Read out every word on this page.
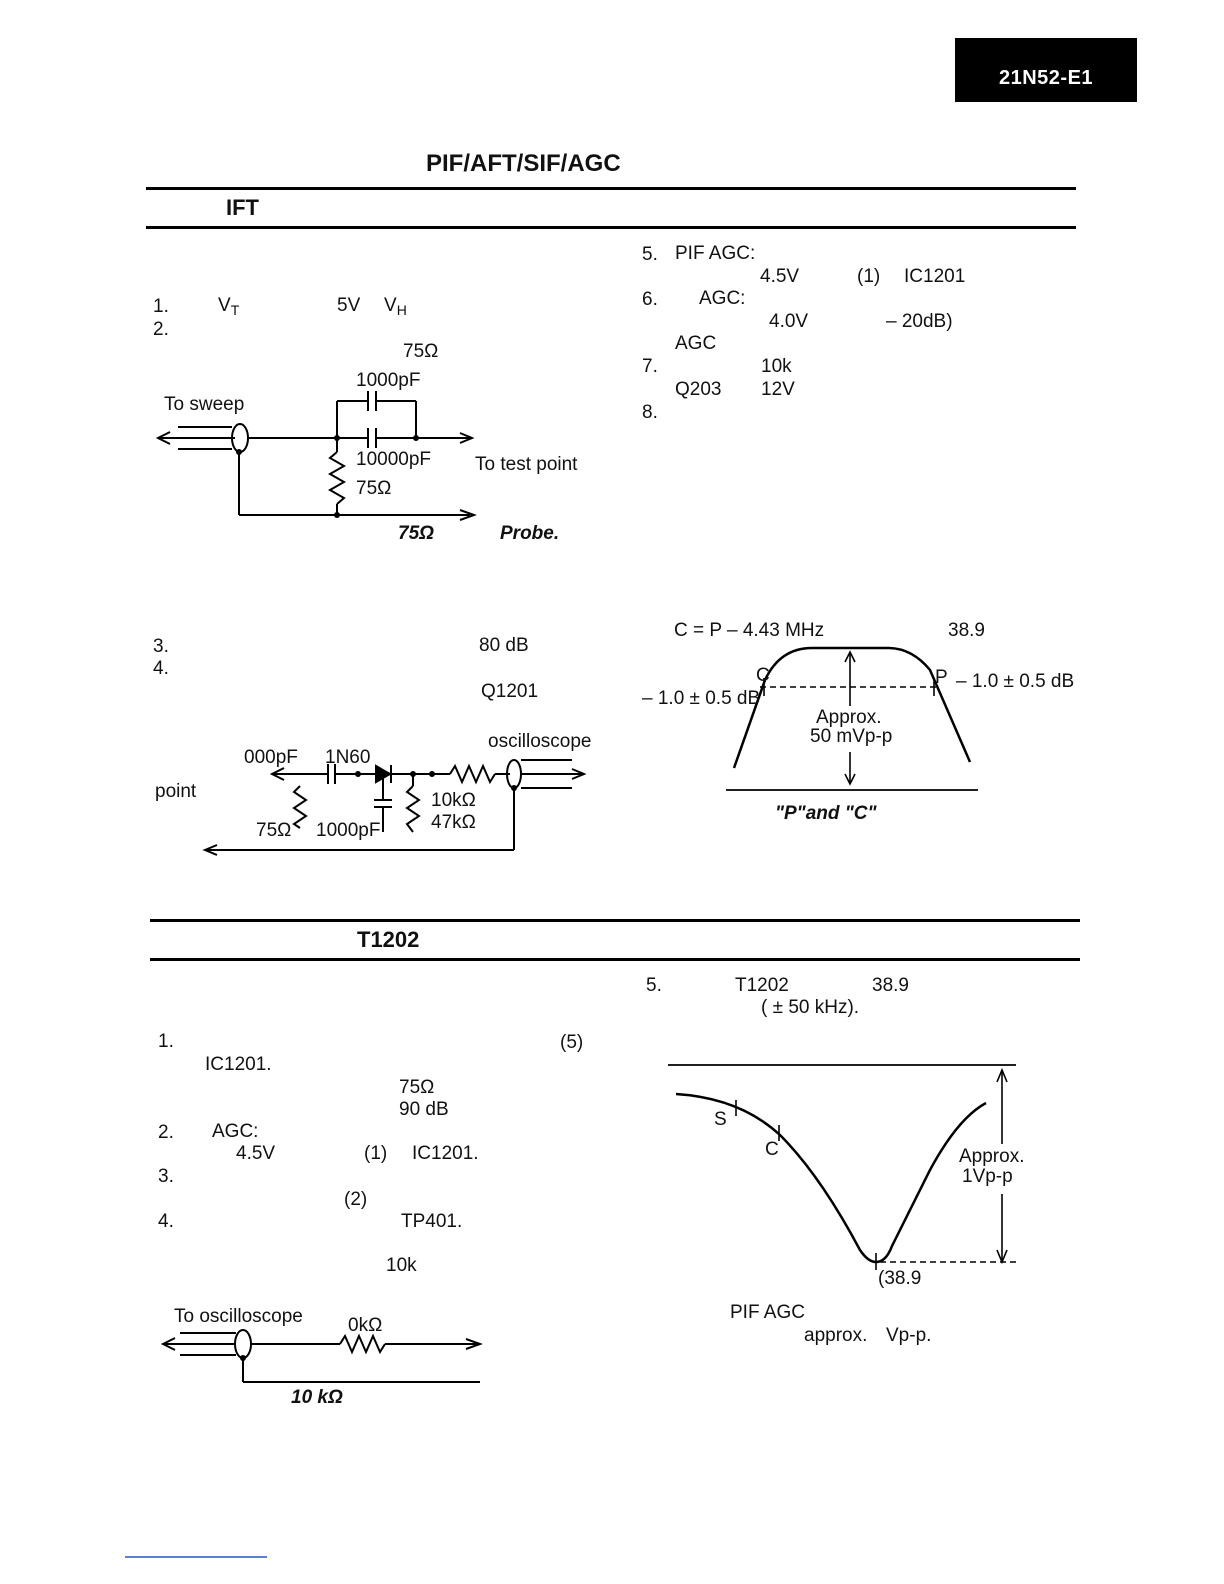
21N52-E1
PIF/AFT/SIF/AGC
IFT
1.	$V_T$	5V $V_H$
2.
75Ω
1000pF
To sweep
10000pF To test point
75Ω
75Ω	Probe.
3.	80 dB
4.
Q1201
oscilloscope
000pF 1N60
point	10kΩ
47kΩ
75Ω 1000pF
5. PIF AGC:
4.5V	(1) IC1201
6. AGC:
4.0V	– 20dB)
AGC
7.	10k
Q203 12V
8.
C = P – 4.43 MHz	38.9
C	P – 1.0 ± 0.5 dB
– 1.0 ± 0.5 dB
Approx.
50 mVp-p
"P"and "C"
T1202
1.	(5)
IC1201.
75Ω
90 dB
2. AGC:
4.5V	(1) IC1201.
3.
(2)
4.	TP401.
10k
To oscilloscope 0kΩ
10 kΩ
5.	T1202	38.9
( ± 50 kHz).
S
C	Approx.
1Vp-p
(38.9
PIF AGC
approx. Vp-p.
